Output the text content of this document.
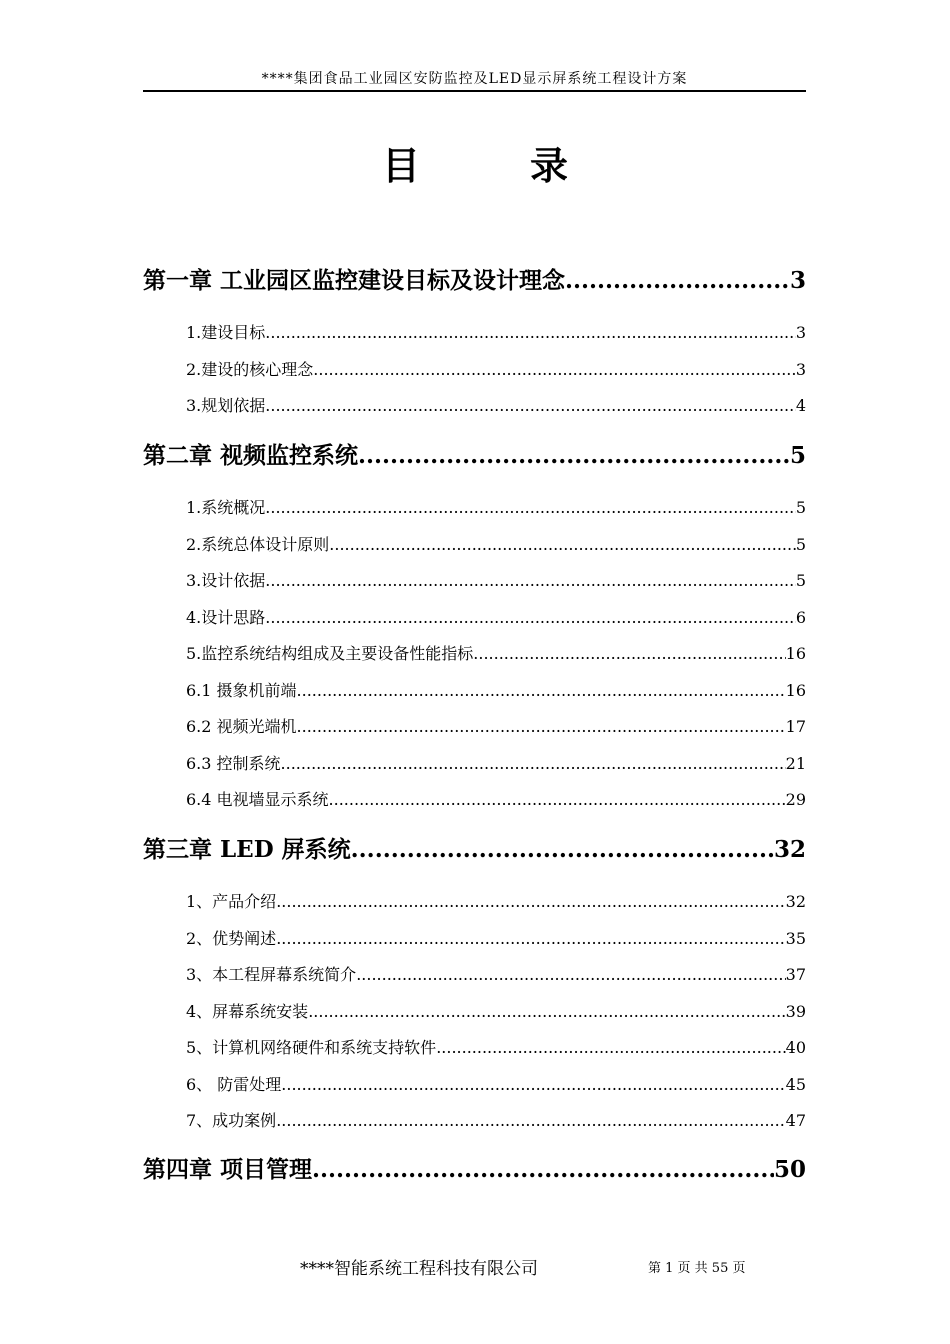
****集团食品工业园区安防监控及LED显示屏系统工程设计方案
目	录
第一章 工业园区监控建设目标及设计理念 .....	3
1.建设目标 .....	3
2.建设的核心理念 .....	3
3.规划依据 .....	4
第二章 视频监控系统 .....	5
1.系统概况 .....	5
2.系统总体设计原则 .....	5
3.设计依据 .....	5
4.设计思路 .....	6
5.监控系统结构组成及主要设备性能指标 .....	16
6.1 摄象机前端 .....	16
6.2 视频光端机 .....	17
6.3 控制系统 .....	21
6.4 电视墙显示系统 .....	29
第三章 LED 屏系统 .....	32
1、产品介绍 .....	32
2、优势阐述 .....	35
3、本工程屏幕系统简介 .....	37
4、屏幕系统安装 .....	39
5、计算机网络硬件和系统支持软件 .....	40
6、 防雷处理 .....	45
7、成功案例 .....	47
第四章 项目管理 .....	50
****智能系统工程科技有限公司	第 1 页 共 55 页
